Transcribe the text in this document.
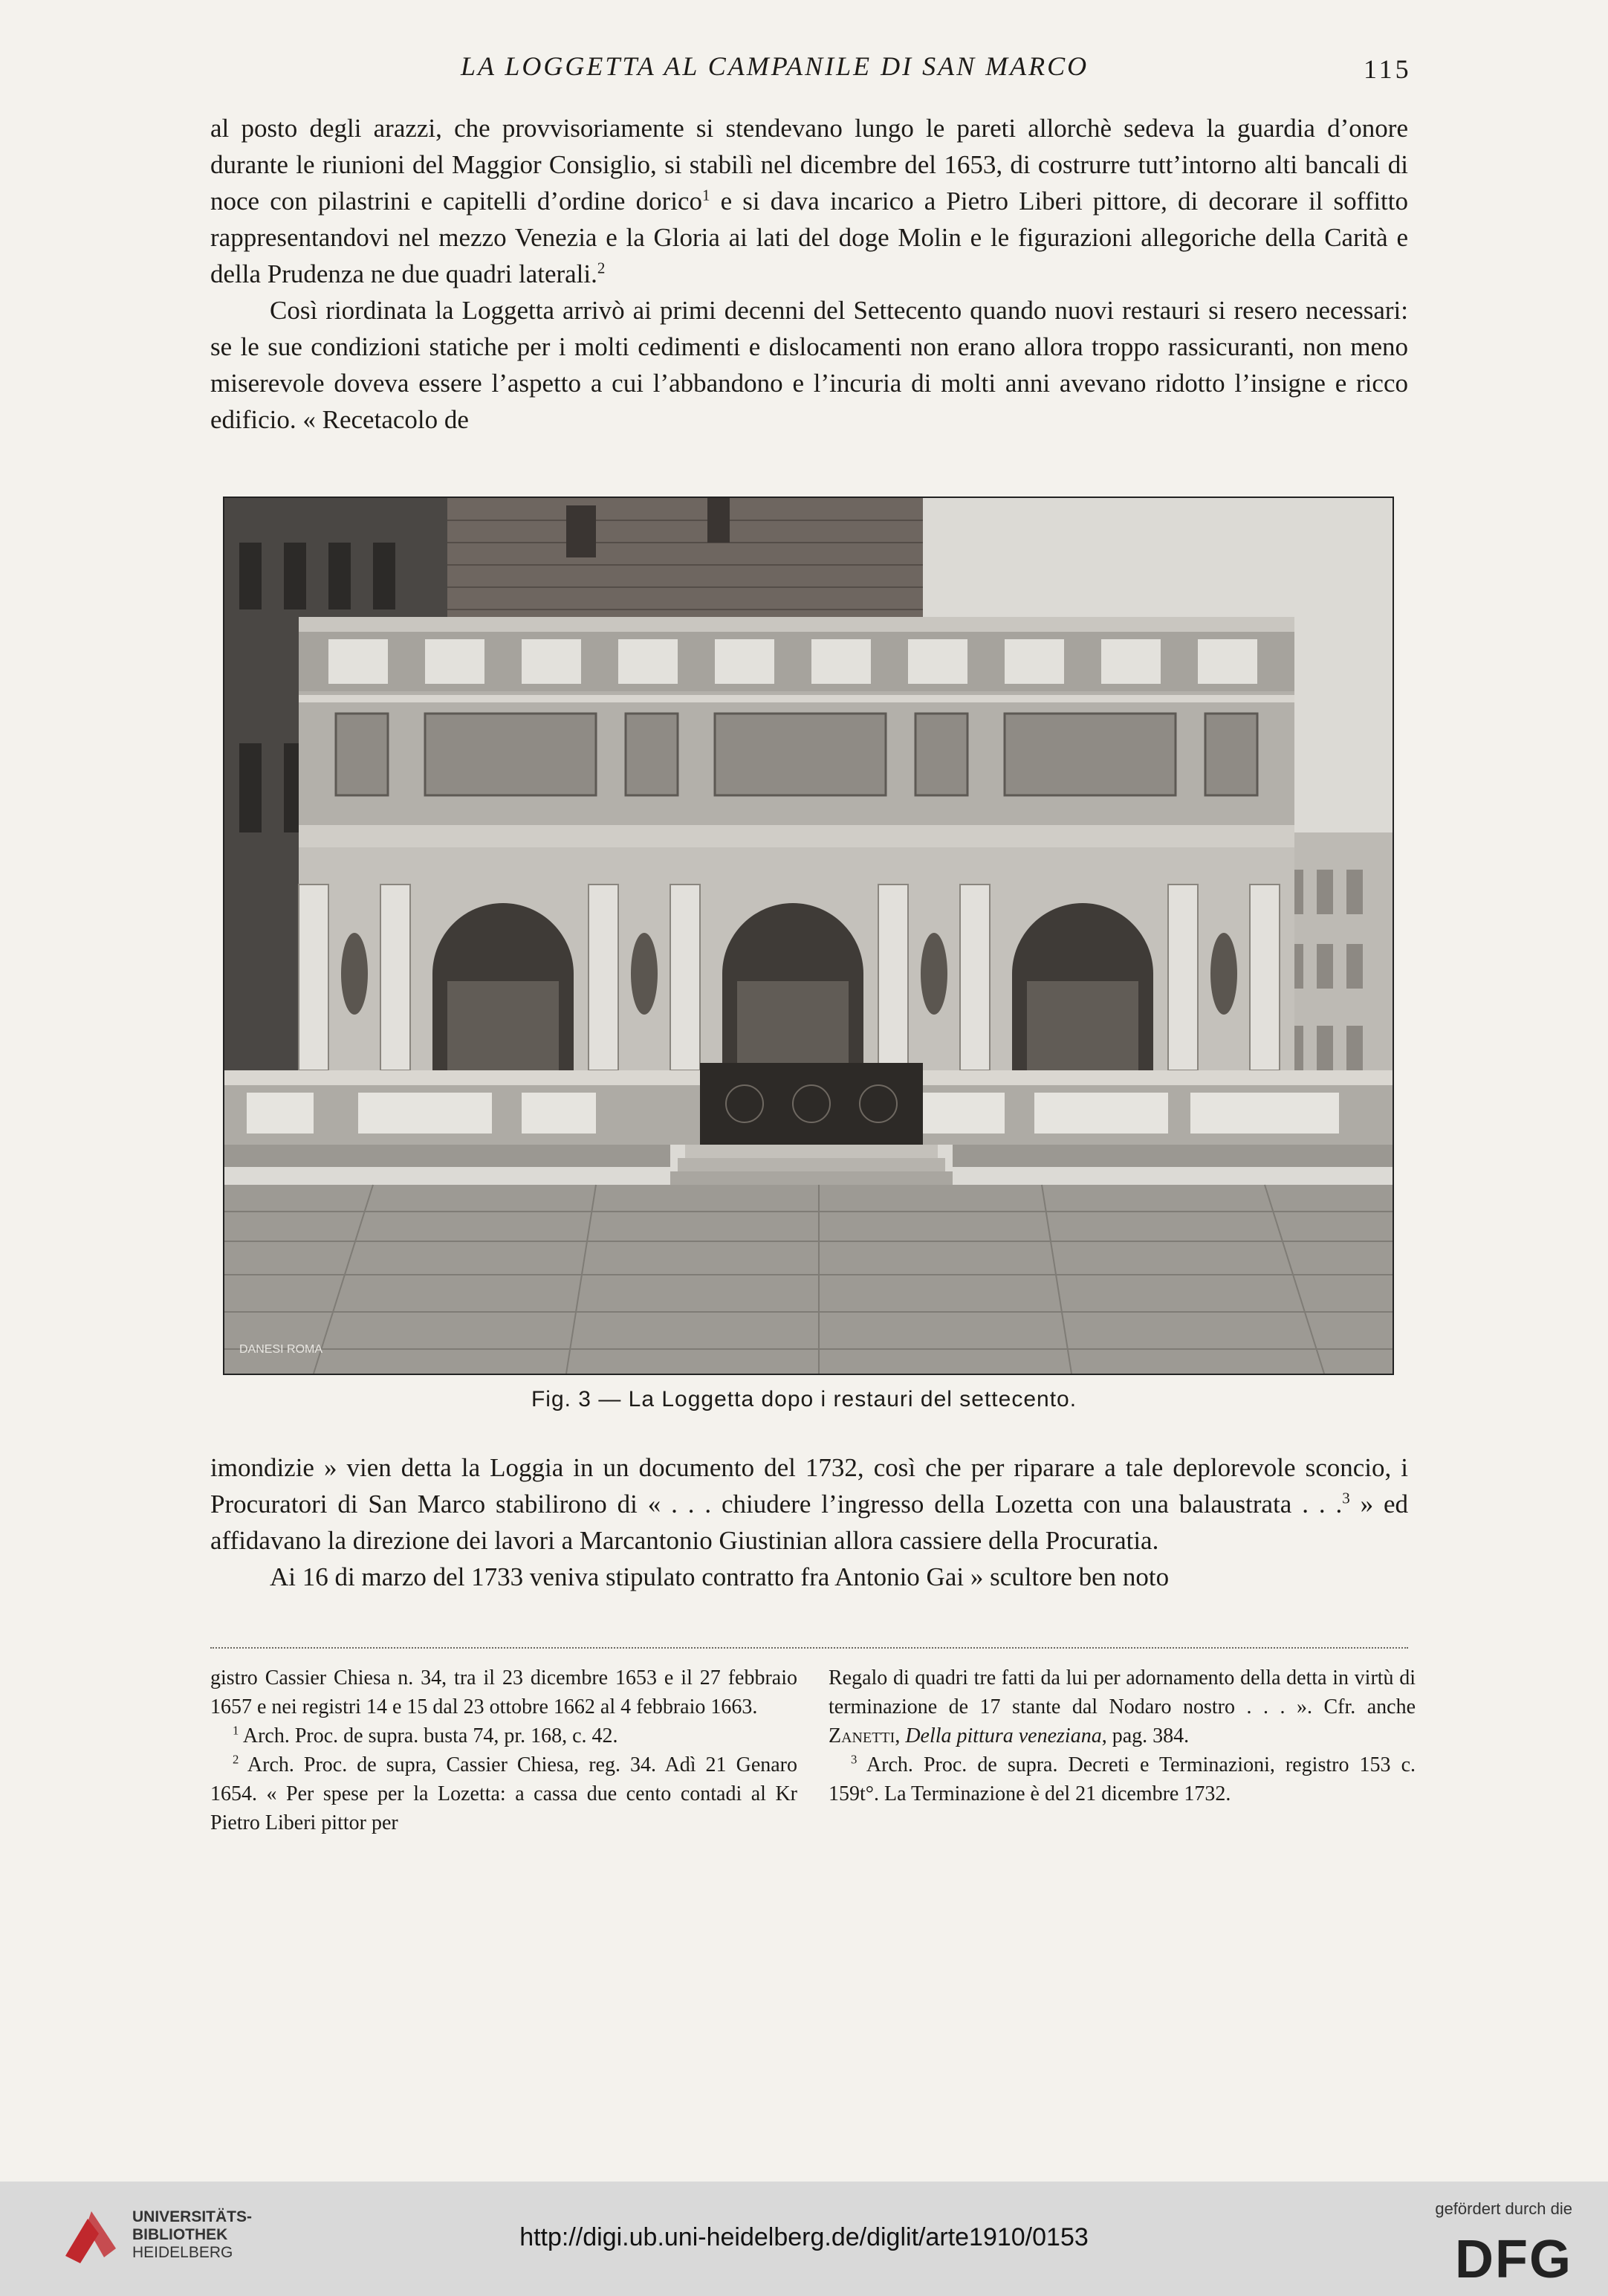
LA LOGGETTA AL CAMPANILE DI SAN MARCO	115

al posto degli arazzi, che provvisoriamente si stendevano lungo le pareti allorchè sedeva la guardia d’onore durante le riunioni del Maggior Consiglio, si stabilì nel dicembre del 1653, di costrurre tutt’intorno alti bancali di noce con pilastrini e capitelli d’ordine dorico$^1$ e si dava incarico a Pietro Liberi pittore, di decorare il soffitto rappresentandovi nel mezzo Venezia e la Gloria ai lati del doge Molin e le figurazioni allegoriche della Carità e della Prudenza ne due quadri laterali.$^2$

Così riordinata la Loggetta arrivò ai primi decenni del Settecento quando nuovi restauri si resero necessari: se le sue condizioni statiche per i molti cedimenti e dislocamenti non erano allora troppo rassicuranti, non meno miserevole doveva essere l’aspetto a cui l’abbandono e l’incuria di molti anni avevano ridotto l’insigne e ricco edificio. « Recetacolo de

DANESI ROMA
Fig. 3 — La Loggetta dopo i restauri del settecento.

imondizie » vien detta la Loggia in un documento del 1732, così che per riparare a tale deplorevole sconcio, i Procuratori di San Marco stabilirono di « . . . chiudere l’ingresso della Lozetta con una balaustrata . . .$^3$ » ed affidavano la direzione dei lavori a Marcantonio Giustinian allora cassiere della Procuratia.

Ai 16 di marzo del 1733 veniva stipulato contratto fra Antonio Gai » scultore ben noto

gistro Cassier Chiesa n. 34, tra il 23 dicembre 1653 e il 27 febbraio 1657 e nei registri 14 e 15 dal 23 ottobre 1662 al 4 febbraio 1663.

$^1$ Arch. Proc. de supra. busta 74, pr. 168, c. 42.

$^2$ Arch. Proc. de supra, Cassier Chiesa, reg. 34. Adì 21 Genaro 1654. « Per spese per la Lozetta: a cassa due cento contadi al Kr Pietro Liberi pittor per

Regalo di quadri tre fatti da lui per adornamento della detta in virtù di terminazione de 17 stante dal Nodaro nostro . . . ». Cfr. anche Zanetti, Della pittura veneziana, pag. 384.

$^3$ Arch. Proc. de supra. Decreti e Terminazioni, registro 153 c. 159t°. La Terminazione è del 21 dicembre 1732.

UNIVERSITÄTS-
BIBLIOTHEK
HEIDELBERG
http://digi.ub.uni-heidelberg.de/diglit/arte1910/0153
gefördert durch die
DFG
